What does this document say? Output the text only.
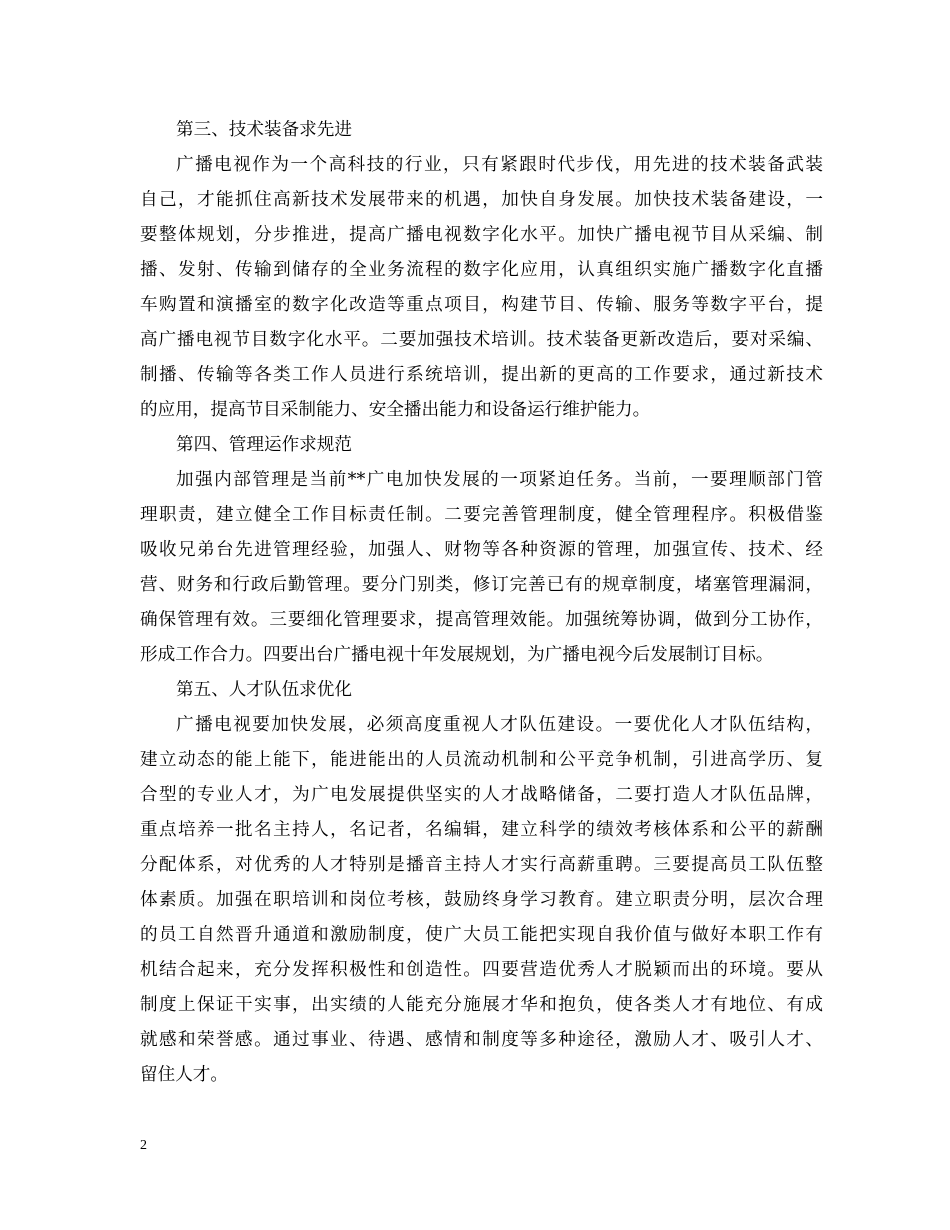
第三、技术装备求先进
广播电视作为一个高科技的行业，只有紧跟时代步伐，用先进的技术装备武装
自己，才能抓住高新技术发展带来的机遇，加快自身发展。加快技术装备建设，一
要整体规划，分步推进，提高广播电视数字化水平。加快广播电视节目从采编、制
播、发射、传输到储存的全业务流程的数字化应用，认真组织实施广播数字化直播
车购置和演播室的数字化改造等重点项目，构建节目、传输、服务等数字平台，提
高广播电视节目数字化水平。二要加强技术培训。技术装备更新改造后，要对采编、
制播、传输等各类工作人员进行系统培训，提出新的更高的工作要求，通过新技术
的应用，提高节目采制能力、安全播出能力和设备运行维护能力。
第四、管理运作求规范
加强内部管理是当前**广电加快发展的一项紧迫任务。当前，一要理顺部门管
理职责，建立健全工作目标责任制。二要完善管理制度，健全管理程序。积极借鉴
吸收兄弟台先进管理经验，加强人、财物等各种资源的管理，加强宣传、技术、经
营、财务和行政后勤管理。要分门别类，修订完善已有的规章制度，堵塞管理漏洞，
确保管理有效。三要细化管理要求，提高管理效能。加强统筹协调，做到分工协作，
形成工作合力。四要出台广播电视十年发展规划，为广播电视今后发展制订目标。
第五、人才队伍求优化
广播电视要加快发展，必须高度重视人才队伍建设。一要优化人才队伍结构，
建立动态的能上能下，能进能出的人员流动机制和公平竞争机制，引进高学历、复
合型的专业人才，为广电发展提供坚实的人才战略储备，二要打造人才队伍品牌，
重点培养一批名主持人，名记者，名编辑，建立科学的绩效考核体系和公平的薪酬
分配体系，对优秀的人才特别是播音主持人才实行高薪重聘。三要提高员工队伍整
体素质。加强在职培训和岗位考核，鼓励终身学习教育。建立职责分明，层次合理
的员工自然晋升通道和激励制度，使广大员工能把实现自我价值与做好本职工作有
机结合起来，充分发挥积极性和创造性。四要营造优秀人才脱颖而出的环境。要从
制度上保证干实事，出实绩的人能充分施展才华和抱负，使各类人才有地位、有成
就感和荣誉感。通过事业、待遇、感情和制度等多种途径，激励人才、吸引人才、
留住人才。
2
